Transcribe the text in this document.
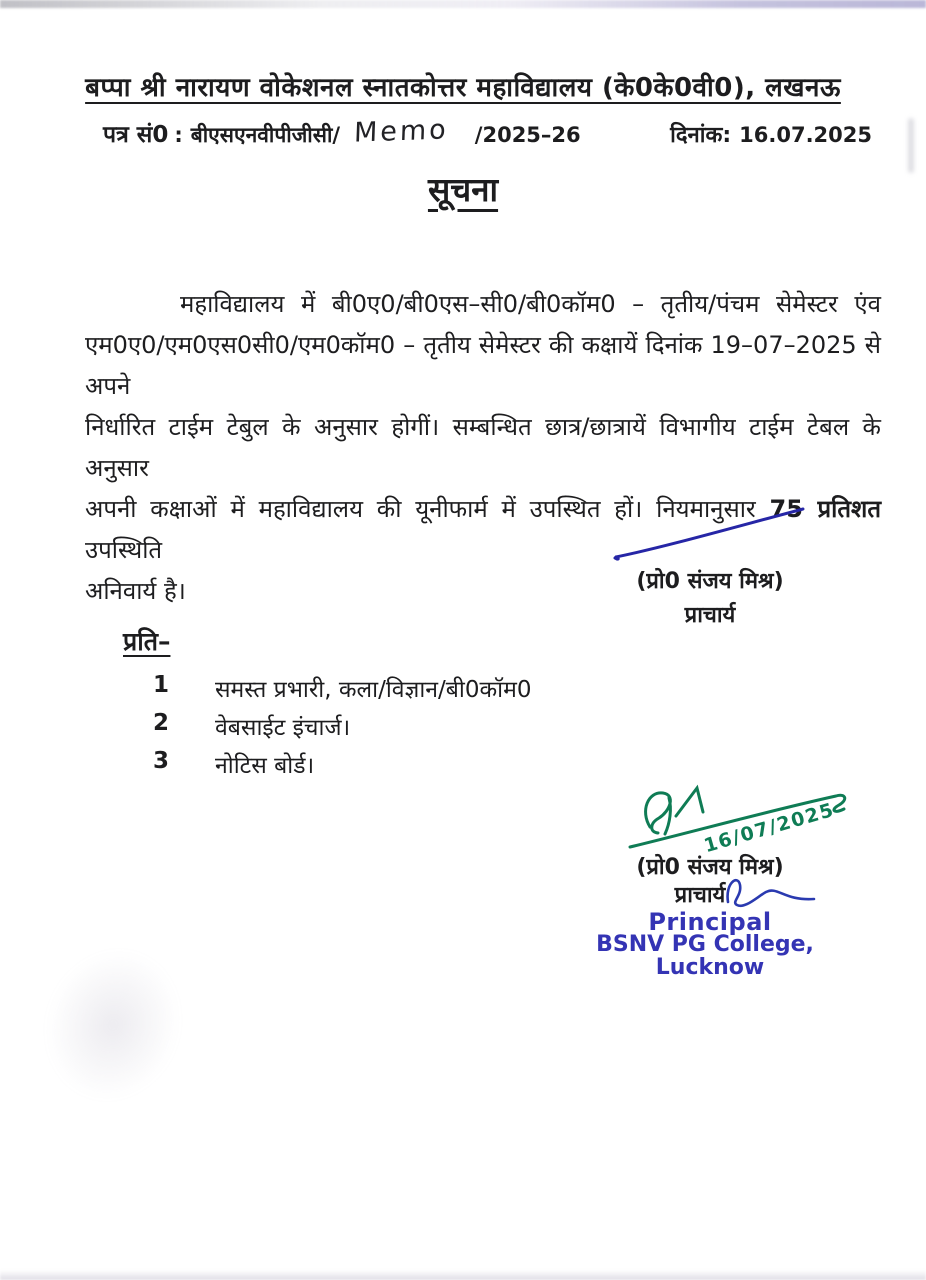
बप्पा श्री नारायण वोकेशनल स्नातकोत्तर महाविद्यालय (के0के0वी0), लखनऊ
पत्र सं0 : बीएसएनवीपीजीसी/ Memo /2025–26	दिनांक: 16.07.2025
सूचना
महाविद्यालय में बी0ए0/बी0एस–सी0/बी0कॉम0 – तृतीय/पंचम सेमेस्टर एंव
एम0ए0/एम0एस0सी0/एम0कॉम0 – तृतीय सेमेस्टर की कक्षायें दिनांक 19–07–2025 से अपने
निर्धारित टाईम टेबुल के अनुसार होगीं। सम्बन्धित छात्र/छात्रायें विभागीय टाईम टेबल के अनुसार
अपनी कक्षाओं में महाविद्यालय की यूनीफार्म में उपस्थित हों। नियमानुसार 75 प्रतिशत उपस्थिति
अनिवार्य है।	(प्रो0 संजय मिश्र)
प्राचार्य
प्रति–
1	समस्त प्रभारी, कला/विज्ञान/बी0कॉम0
2	वेबसाईट इंचार्ज।
3	नोटिस बोर्ड।
16/07/2025
(प्रो0 संजय मिश्र)
प्राचार्य
Principal
BSNV PG College,
Lucknow
